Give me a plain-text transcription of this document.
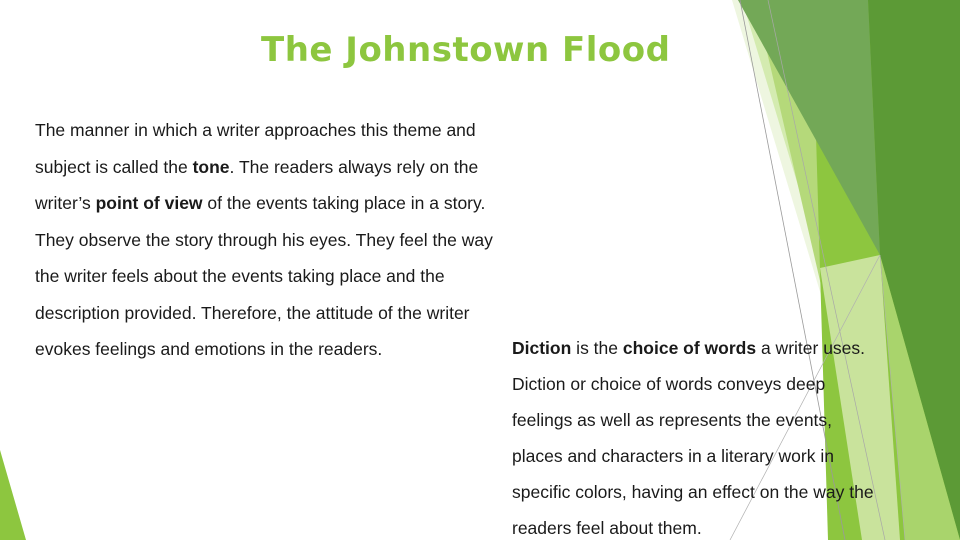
The Johnstown Flood
The manner in which a writer approaches this theme and
subject is called the tone. The readers always rely on the
writer’s point of view of the events taking place in a story.
They observe the story through his eyes. They feel the way
the writer feels about the events taking place and the
description provided. Therefore, the attitude of the writer
evokes feelings and emotions in the readers.	Diction is the choice of words a writer uses.
Diction or choice of words conveys deep
feelings as well as represents the events,
places and characters in a literary work in
specific colors, having an effect on the way the
readers feel about them.
